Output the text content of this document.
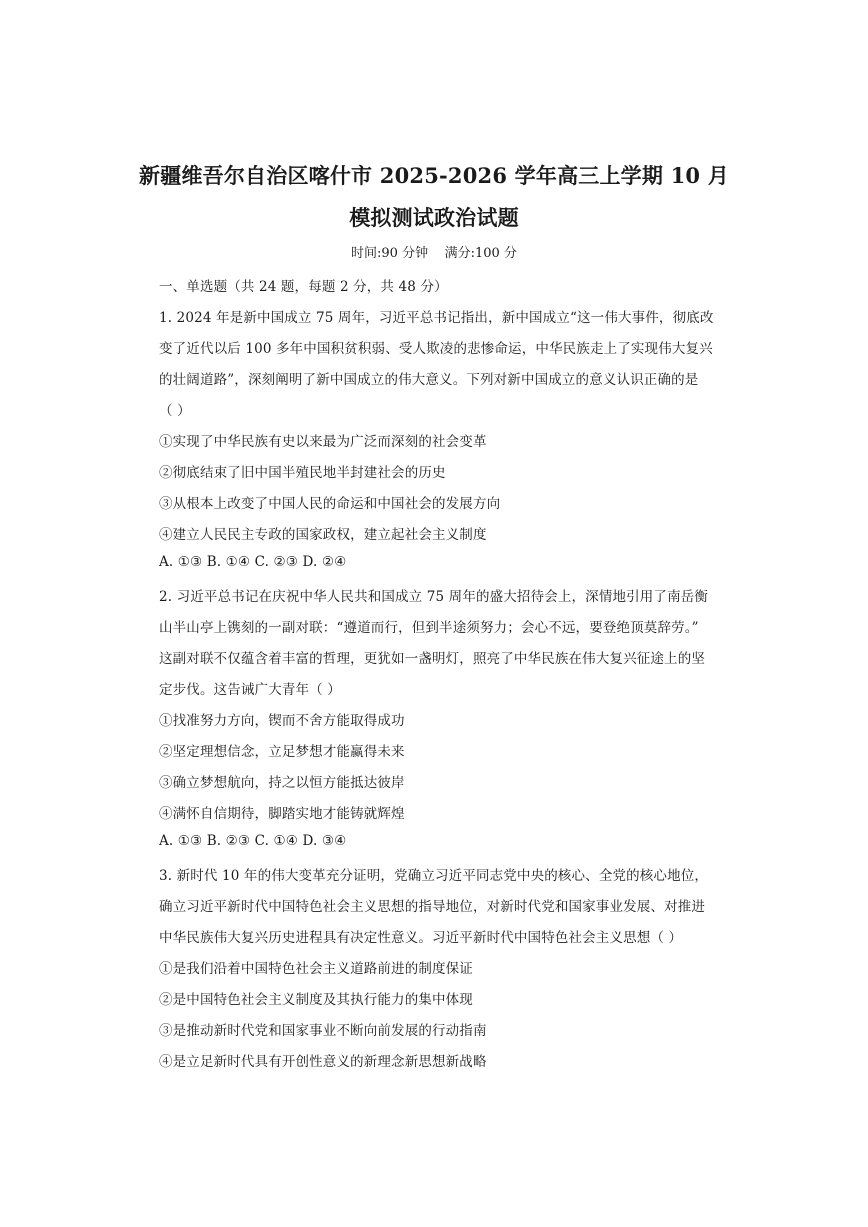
新疆维吾尔自治区喀什市 2025-2026 学年高三上学期 10 月
模拟测试政治试题
时间:90 分钟    满分:100 分
一、单选题（共 24 题，每题 2 分，共 48 分）
1. 2024 年是新中国成立 75 周年，习近平总书记指出，新中国成立“这一伟大事件，彻底改
变了近代以后 100 多年中国积贫积弱、受人欺凌的悲惨命运，中华民族走上了实现伟大复兴
的壮阔道路”，深刻阐明了新中国成立的伟大意义。下列对新中国成立的意义认识正确的是
（ ）
①实现了中华民族有史以来最为广泛而深刻的社会变革
②彻底结束了旧中国半殖民地半封建社会的历史
③从根本上改变了中国人民的命运和中国社会的发展方向
④建立人民民主专政的国家政权，建立起社会主义制度
A. ①③ B. ①④ C. ②③ D. ②④
2. 习近平总书记在庆祝中华人民共和国成立 75 周年的盛大招待会上，深情地引用了南岳衡
山半山亭上镌刻的一副对联：“遵道而行，但到半途须努力；会心不远，要登绝顶莫辞劳。”
这副对联不仅蕴含着丰富的哲理，更犹如一盏明灯，照亮了中华民族在伟大复兴征途上的坚
定步伐。这告诫广大青年（ ）
①找准努力方向，锲而不舍方能取得成功
②坚定理想信念，立足梦想才能赢得未来
③确立梦想航向，持之以恒方能抵达彼岸
④满怀自信期待，脚踏实地才能铸就辉煌
A. ①③ B. ②③ C. ①④ D. ③④
3. 新时代 10 年的伟大变革充分证明，党确立习近平同志党中央的核心、全党的核心地位，
确立习近平新时代中国特色社会主义思想的指导地位，对新时代党和国家事业发展、对推进
中华民族伟大复兴历史进程具有决定性意义。习近平新时代中国特色社会主义思想（ ）
①是我们沿着中国特色社会主义道路前进的制度保证
②是中国特色社会主义制度及其执行能力的集中体现
③是推动新时代党和国家事业不断向前发展的行动指南
④是立足新时代具有开创性意义的新理念新思想新战略
